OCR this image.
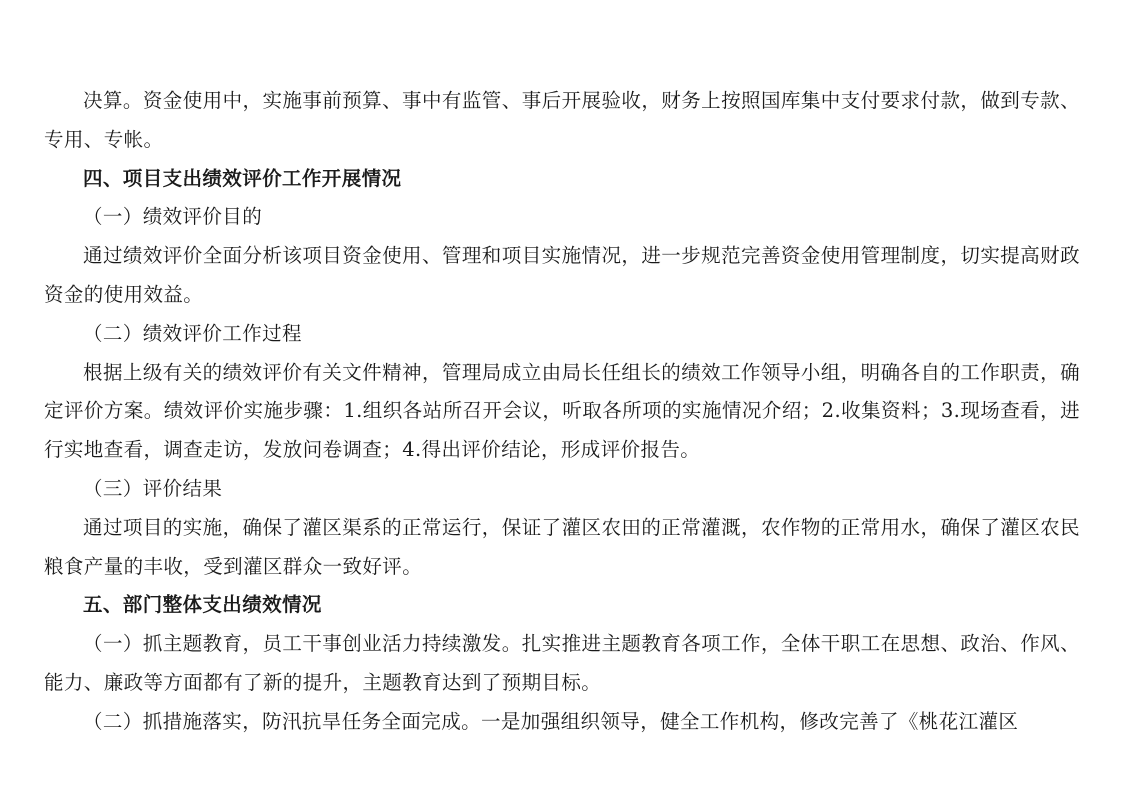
决算。资金使用中，实施事前预算、事中有监管、事后开展验收，财务上按照国库集中支付要求付款，做到专款、专用、专帐。

四、项目支出绩效评价工作开展情况

（一）绩效评价目的

通过绩效评价全面分析该项目资金使用、管理和项目实施情况，进一步规范完善资金使用管理制度，切实提高财政资金的使用效益。

（二）绩效评价工作过程

根据上级有关的绩效评价有关文件精神，管理局成立由局长任组长的绩效工作领导小组，明确各自的工作职责，确定评价方案。绩效评价实施步骤：1.组织各站所召开会议，听取各所项的实施情况介绍；2.收集资料；3.现场查看，进行实地查看，调查走访，发放问卷调查；4.得出评价结论，形成评价报告。

（三）评价结果

通过项目的实施，确保了灌区渠系的正常运行，保证了灌区农田的正常灌溉，农作物的正常用水，确保了灌区农民粮食产量的丰收，受到灌区群众一致好评。

五、部门整体支出绩效情况

（一）抓主题教育，员工干事创业活力持续激发。扎实推进主题教育各项工作，全体干职工在思想、政治、作风、能力、廉政等方面都有了新的提升，主题教育达到了预期目标。

（二）抓措施落实，防汛抗旱任务全面完成。一是加强组织领导，健全工作机构，修改完善了《桃花江灌区
